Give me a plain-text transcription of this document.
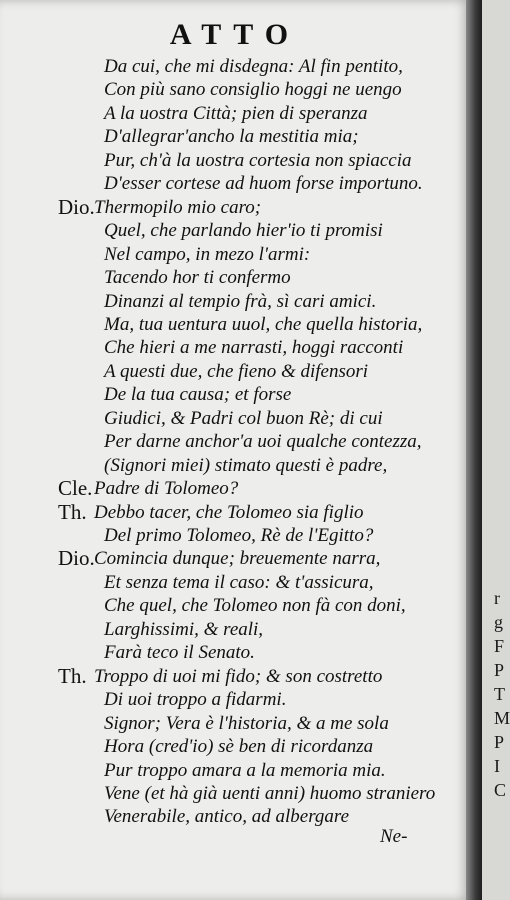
ATTO
Ne-
Da cui, che mi disdegna: Al fin pentito,
Con più sano consiglio hoggi ne uengo
A la uostra Città; pien di speranza
D'allegrar'ancho la mestitia mia;
Pur, ch'à la uostra cortesia non spiaccia
D'esser cortese ad huom forse importuno.
Dio. Thermopilo mio caro;
Quel, che parlando hier'io ti promisi
Nel campo, in mezo l'armi:
Tacendo hor ti confermo
Dinanzi al tempio frà, sì cari amici.
Ma, tua uentura uuol, che quella historia,
Che hieri a me narrasti, hoggi racconti
A questi due, che fieno & difensori
De la tua causa; et forse
Giudici, & Padri col buon Rè; di cui
Per darne anchor'a uoi qualche contezza,
(Signori miei) stimato questi è padre,
Cle. Padre di Tolomeo?
Th. Debbo tacer, che Tolomeo sia figlio
Del primo Tolomeo, Rè de l'Egitto?
Dio. Comincia dunque; breuemente narra,
Et senza tema il caso: & t'assicura,
Che quel, che Tolomeo non fà con doni,
Larghissimi, & reali,
Farà teco il Senato.
Th. Troppo di uoi mi fido; & son costretto
Di uoi troppo a fidarmi.
Signor; Vera è l'historia, & a me sola
Hora (cred'io) sè ben di ricordanza
Pur troppo amara a la memoria mia.
Vene (et hà già uenti anni) huomo straniero
Venerabile, antico, ad albergare
r
g
F
P
T
M
P
I
C
